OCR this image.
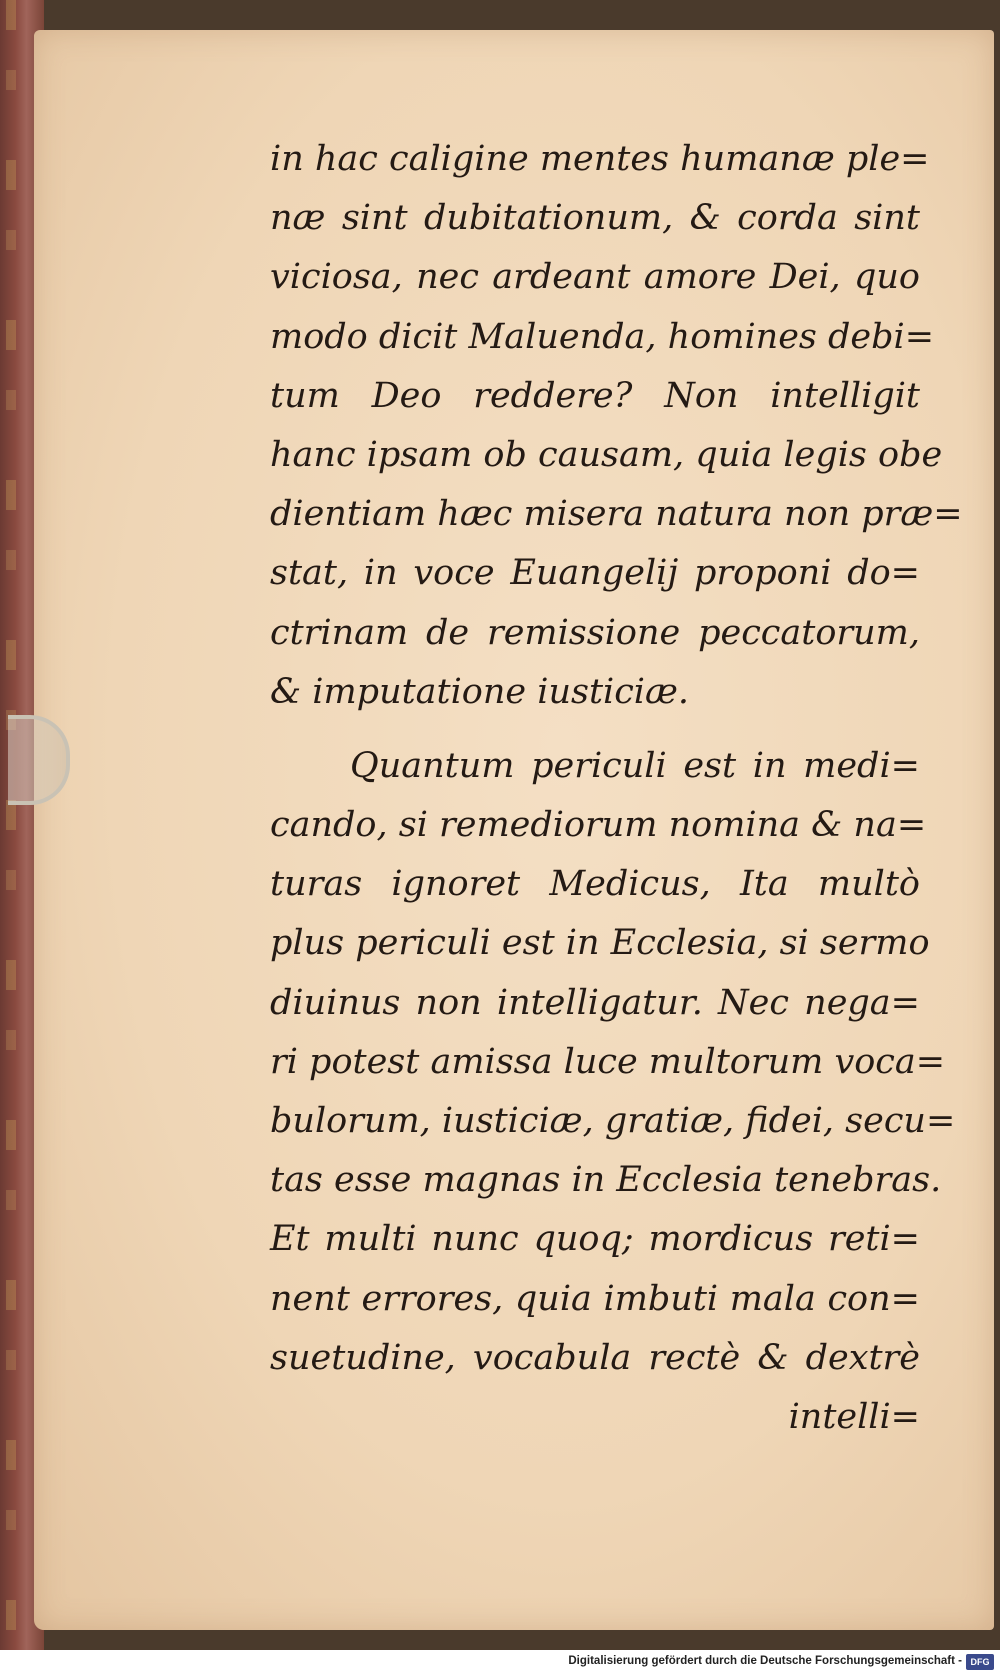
in hac caligine mentes humanæ ple=
næ sint dubitationum, & corda sint
viciosa, nec ardeant amore Dei, quo
modo dicit Maluenda, homines debi=
tum Deo reddere? Non intelligit
hanc ipsam ob causam, quia legis obe
dientiam hæc misera natura non præ=
stat, in voce Euangelij proponi do=
ctrinam de remissione peccatorum,
& imputatione iusticiæ.
Quantum periculi est in medi=
cando, si remediorum nomina & na=
turas ignoret Medicus, Ita multò
plus periculi est in Ecclesia, si sermo
diuinus non intelligatur. Nec nega=
ri potest amissa luce multorum voca=
bulorum, iusticiæ, gratiæ, fidei, secu=
tas esse magnas in Ecclesia tenebras.
Et multi nunc quoq; mordicus reti=
nent errores, quia imbuti mala con=
suetudine, vocabula rectè & dextrè
intelli=
Digitalisierung gefördert durch die Deutsche Forschungsgemeinschaft - DFG
